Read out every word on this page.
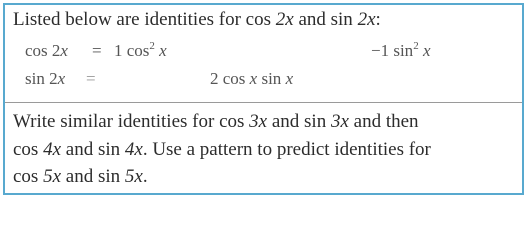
Listed below are identities for cos 2x and sin 2x:
cos 2x = 1 $\cos^2 x$	−1 $\sin^2 x$
sin 2x =	2 cos x sin x
Write similar identities for cos 3x and sin 3x and then
cos 4x and sin 4x. Use a pattern to predict identities for
cos 5x and sin 5x.
